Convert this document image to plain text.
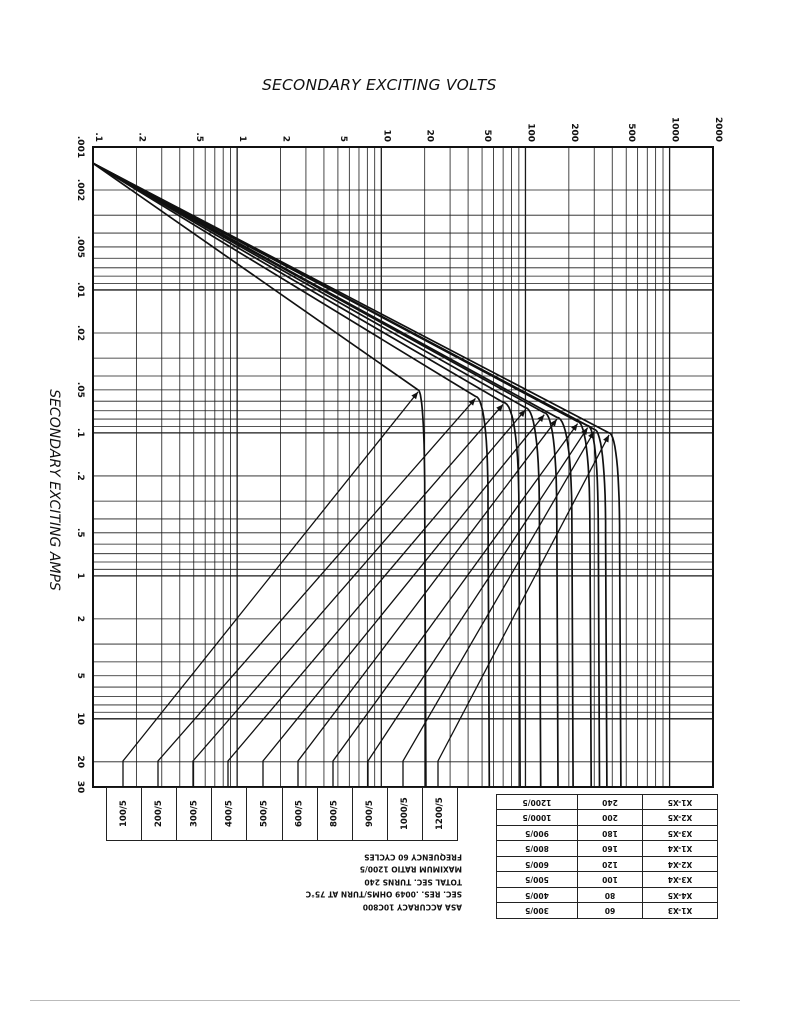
.1	.2	.5	1	2	5	10	20	50	100	200	500	1000	2000
.001
.002
.005
.01
.02
.05
.1
.2
.5
1
2
5
10
20
30
SECONDARY EXCITING VOLTS
SECONDARY EXCITING AMPS
1200/5
1000/5
900/5
800/5
600/5
500/5
400/5
300/5
200/5
100/5
ASA ACCURACY 10C800
SEC. RES. .0049 OHMS/TURN AT 75°C
TOTAL SEC. TURNS 240
MAXIMUM RATIO 1200/5
FREQUENCY 60 CYCLES
X1-X3	60	300/5
X4-X5	80	400/5
X3-X4	100	500/5
X2-X4	120	600/5
X1-X4	160	800/5
X3-X5	180	900/5
X2-X5	200	1000/5
X1-X5	240	1200/5
